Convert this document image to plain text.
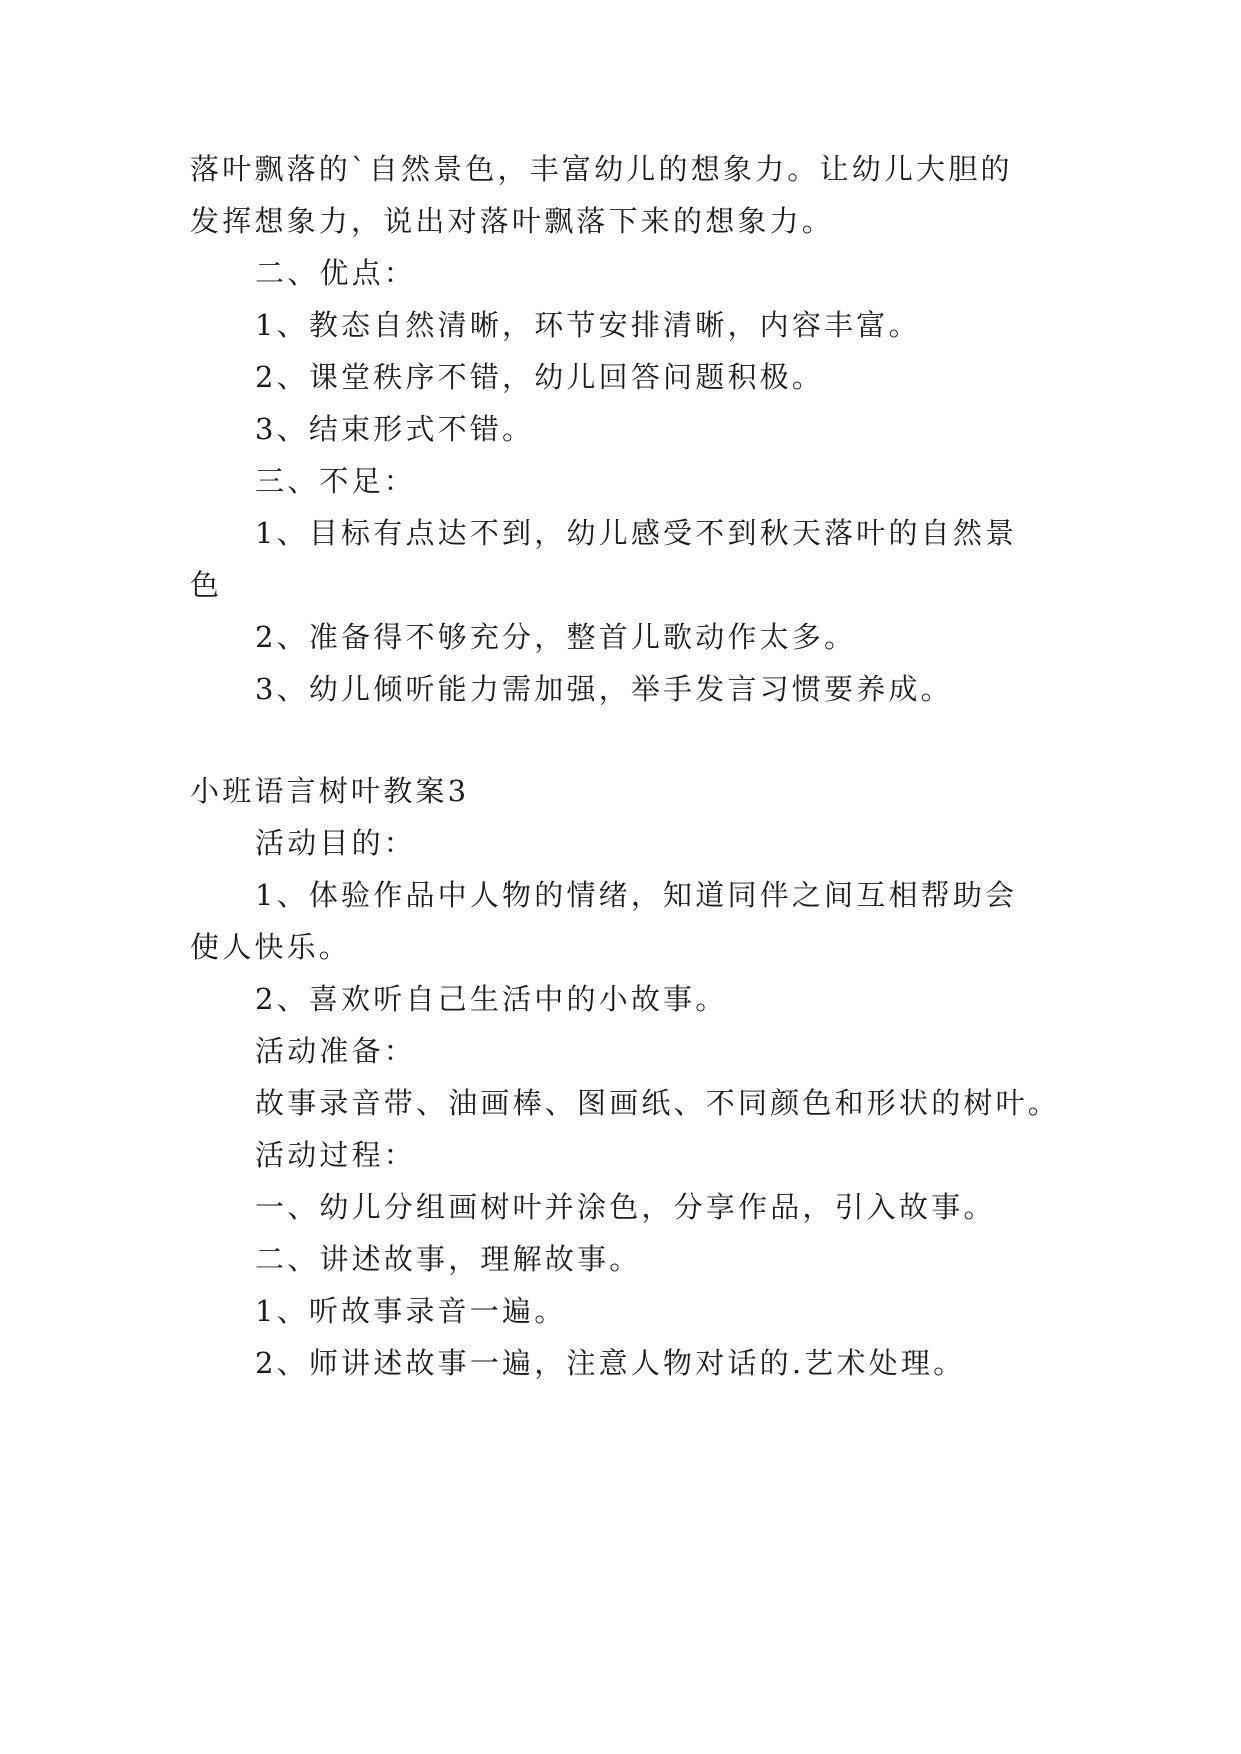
落叶飘落的`自然景色，丰富幼儿的想象力。让幼儿大胆的
发挥想象力，说出对落叶飘落下来的想象力。
二、优点：
1、教态自然清晰，环节安排清晰，内容丰富。
2、课堂秩序不错，幼儿回答问题积极。
3、结束形式不错。
三、不足：
1、目标有点达不到，幼儿感受不到秋天落叶的自然景
色
2、准备得不够充分，整首儿歌动作太多。
3、幼儿倾听能力需加强，举手发言习惯要养成。
小班语言树叶教案3
活动目的：
1、体验作品中人物的情绪，知道同伴之间互相帮助会
使人快乐。
2、喜欢听自己生活中的小故事。
活动准备：
故事录音带、油画棒、图画纸、不同颜色和形状的树叶。
活动过程：
一、幼儿分组画树叶并涂色，分享作品，引入故事。
二、讲述故事，理解故事。
1、听故事录音一遍。
2、师讲述故事一遍，注意人物对话的.艺术处理。
